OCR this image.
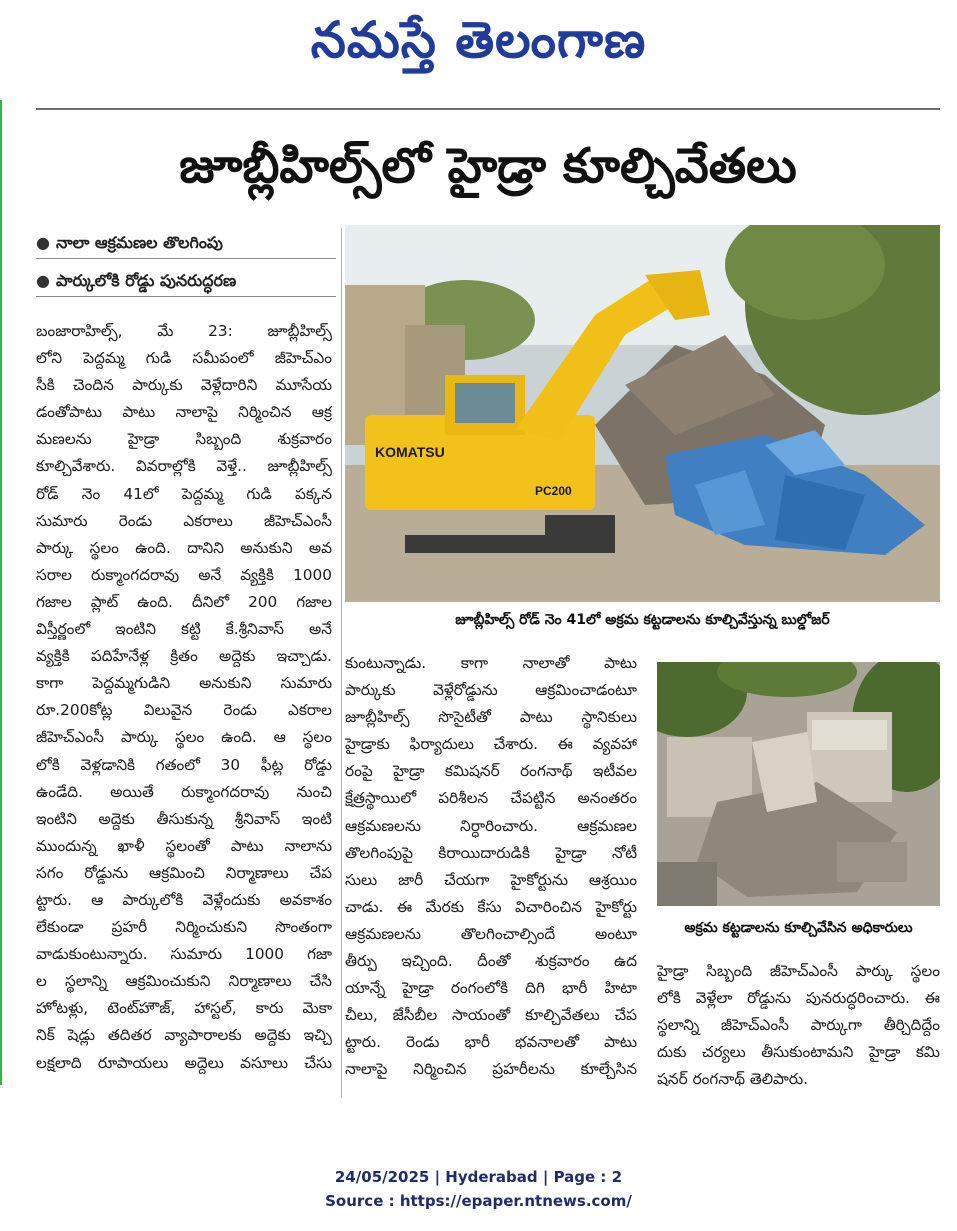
నమస్తే తెలంగాణ
జూబ్లీహిల్స్‌లో హైడ్రా కూల్చివేతలు
● నాలా ఆక్రమణల తొలగింపు
● పార్కులోకి రోడ్డు పునరుద్ధరణ
బంజారాహిల్స్, మే 23: జూబ్లీహిల్స్
లోని పెద్దమ్మ గుడి సమీపంలో జీహెచ్ఎం
సీకి చెందిన పార్కుకు వెళ్లేదారిని మూసేయ
డంతోపాటు పాటు నాలాపై నిర్మించిన ఆక్ర
మణలను హైడ్రా సిబ్బంది శుక్రవారం
కూల్చివేశారు. వివరాల్లోకి వెళ్తే.. జూబ్లీహిల్స్
రోడ్ నెం 41లో పెద్దమ్మ గుడి పక్కన
సుమారు రెండు ఎకరాలు జీహెచ్ఎంసీ
పార్కు స్థలం ఉంది. దానిని అనుకుని అవ
సరాల రుక్మాంగదరావు అనే వ్యక్తికి 1000
గజాల ప్లాట్ ఉంది. దీనిలో 200 గజాల
విస్తీర్ణంలో ఇంటిని కట్టి కే.శ్రీనివాస్ అనే
వ్యక్తికి పదిహేనేళ్ల క్రితం అద్దెకు ఇచ్చాడు.
కాగా పెద్దమ్మగుడిని అనుకుని సుమారు
రూ.200కోట్ల విలువైన రెండు ఎకరాల
జీహెచ్ఎంసీ పార్కు స్థలం ఉంది. ఆ స్థలం
లోకి వెళ్లడానికి గతంలో 30 ఫీట్ల రోడ్డు
ఉండేది. అయితే రుక్మాంగదరావు నుంచి
ఇంటిని అద్దెకు తీసుకున్న శ్రీనివాస్ ఇంటి
ముందున్న ఖాళీ స్థలంతో పాటు నాలాను
సగం రోడ్డును ఆక్రమించి నిర్మాణాలు చేప
ట్టారు. ఆ పార్కులోకి వెళ్లేందుకు అవకాశం
లేకుండా ప్రహరీ నిర్మించుకుని సొంతంగా
వాడుకుంటున్నారు. సుమారు 1000 గజా
ల స్థలాన్ని ఆక్రమించుకుని నిర్మాణాలు చేసి
హోటళ్లు, టెంట్‌హౌజ్, హాస్టల్, కారు మెకా
నిక్ షెడ్లు తదితర వ్యాపారాలకు అద్దెకు ఇచ్చి
లక్షలాది రూపాయలు అద్దెలు వసూలు చేసు
KOMATSU
PC200
జూబ్లీహిల్స్ రోడ్ నెం 41లో అక్రమ కట్టడాలను కూల్చివేస్తున్న బుల్డోజర్
కుంటున్నాడు. కాగా నాలాతో పాటు
పార్కుకు వెళ్లేరోడ్డును ఆక్రమించాడంటూ
జూబ్లీహిల్స్ సొసైటీతో పాటు స్థానికులు
హైడ్రాకు ఫిర్యాదులు చేశారు. ఈ వ్యవహా
రంపై హైడ్రా కమిషనర్ రంగనాథ్ ఇటీవల
క్షేత్రస్థాయిలో పరిశీలన చేపట్టిన అనంతరం
ఆక్రమణలను నిర్ధారించారు. ఆక్రమణల
తొలగింపుపై కిరాయిదారుడికి హైడ్రా నోటీ
సులు జారీ చేయగా హైకోర్టును ఆశ్రయిం
చాడు. ఈ మేరకు కేసు విచారించిన హైకోర్టు
ఆక్రమణలను తొలగించాల్సిందే అంటూ
తీర్పు ఇచ్చింది. దీంతో శుక్రవారం ఉద
యాన్నే హైడ్రా రంగంలోకి దిగి భారీ హిటా
చీలు, జేసీబీల సాయంతో కూల్చివేతలు చేప
ట్టారు. రెండు భారీ భవనాలతో పాటు
నాలాపై నిర్మించిన ప్రహరీలను కూల్చేసిన
అక్రమ కట్టడాలను కూల్చివేసిన అధికారులు
హైడ్రా సిబ్బంది జీహెచ్ఎంసీ పార్కు స్థలం
లోకి వెళ్లేలా రోడ్డును పునరుద్ధరించారు. ఈ
స్థలాన్ని జీహెచ్ఎంసీ పార్కుగా తీర్చిదిద్దేం
దుకు చర్యలు తీసుకుంటామని హైడ్రా కమి
షనర్ రంగనాథ్ తెలిపారు.
24/05/2025 | Hyderabad | Page : 2
Source : https://epaper.ntnews.com/
